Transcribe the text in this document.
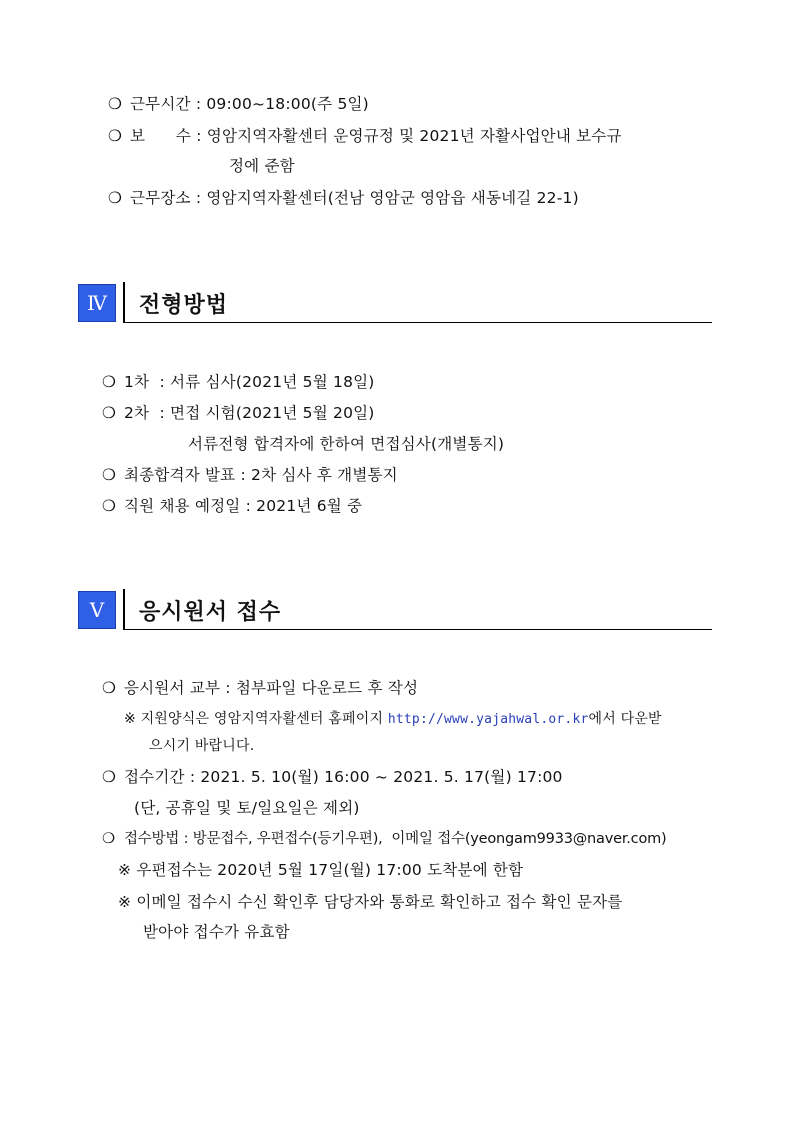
❍ 근무시간 : 09:00~18:00(주 5일)
❍ 보      수 : 영암지역자활센터 운영규정 및 2021년 자활사업안내 보수규
정에 준함
❍ 근무장소 : 영암지역자활센터(전남 영암군 영암읍 새동네길 22-1)
Ⅳ	전형방법
❍ 1차  : 서류 심사(2021년 5월 18일)
❍ 2차  : 면접 시험(2021년 5월 20일)
서류전형 합격자에 한하여 면접심사(개별통지)
❍ 최종합격자 발표 : 2차 심사 후 개별통지
❍ 직원 채용 예정일 : 2021년 6월 중
Ⅴ	응시원서 접수
❍ 응시원서 교부 : 첨부파일 다운로드 후 작성
※ 지원양식은 영암지역자활센터 홈페이지 http://www.yajahwal.or.kr에서 다운받
으시기 바랍니다.
❍ 접수기간 : 2021. 5. 10(월) 16:00 ~ 2021. 5. 17(월) 17:00
(단, 공휴일 및 토/일요일은 제외)
❍ 접수방법 : 방문접수, 우편접수(등기우편),  이메일 접수(yeongam9933@naver.com)
※ 우편접수는 2020년 5월 17일(월) 17:00 도착분에 한함
※ 이메일 접수시 수신 확인후 담당자와 통화로 확인하고 접수 확인 문자를
받아야 접수가 유효함
